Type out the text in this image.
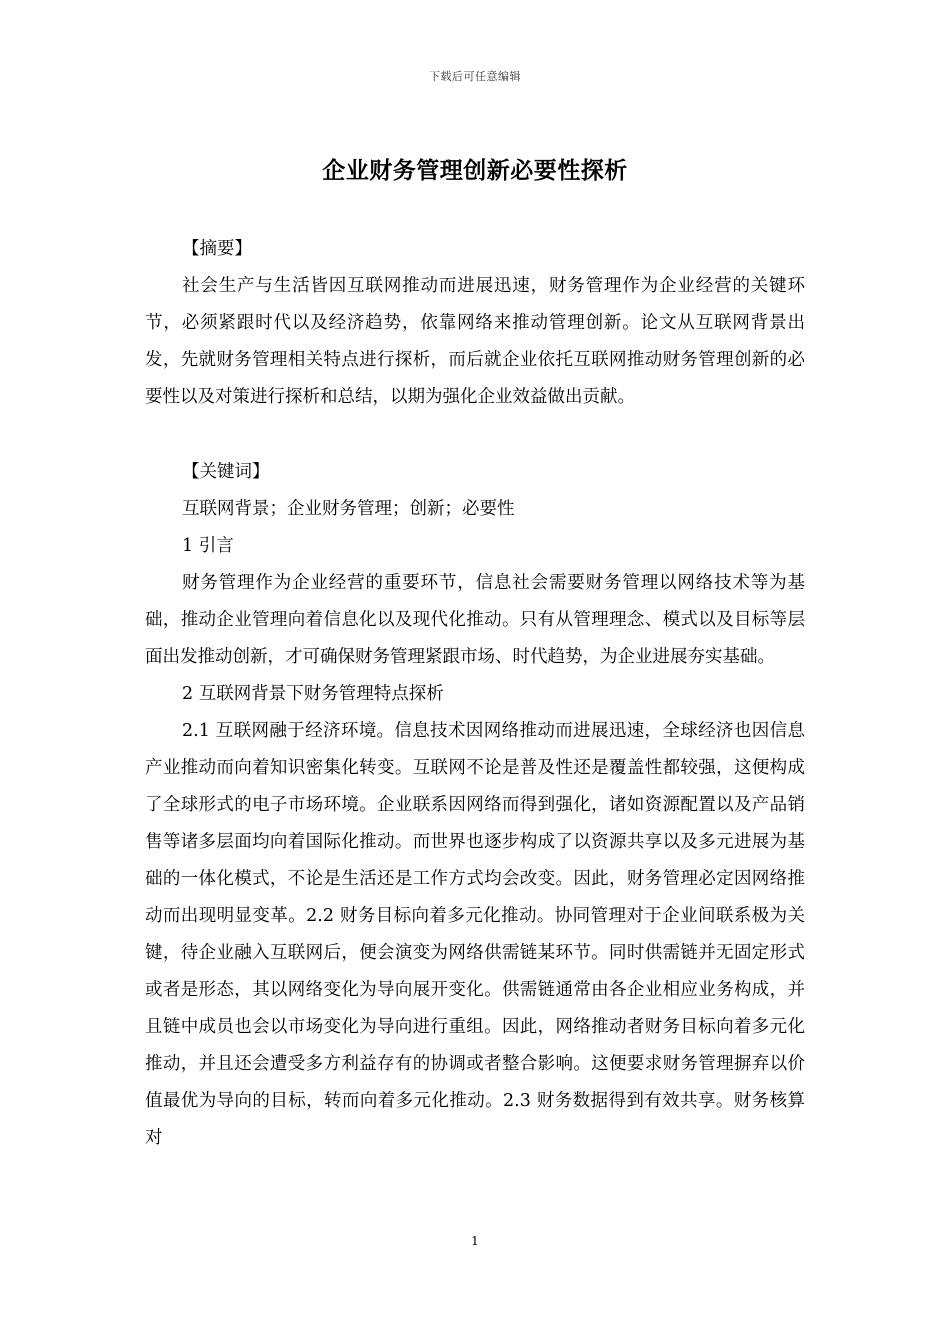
下载后可任意编辑
企业财务管理创新必要性探析

【摘要】

社会生产与生活皆因互联网推动而进展迅速，财务管理作为企业经营的关键环节，必须紧跟时代以及经济趋势，依靠网络来推动管理创新。论文从互联网背景出发，先就财务管理相关特点进行探析，而后就企业依托互联网推动财务管理创新的必要性以及对策进行探析和总结，以期为强化企业效益做出贡献。

【关键词】

互联网背景；企业财务管理；创新；必要性

1 引言

财务管理作为企业经营的重要环节，信息社会需要财务管理以网络技术等为基础，推动企业管理向着信息化以及现代化推动。只有从管理理念、模式以及目标等层面出发推动创新，才可确保财务管理紧跟市场、时代趋势，为企业进展夯实基础。

2 互联网背景下财务管理特点探析

2.1 互联网融于经济环境。信息技术因网络推动而进展迅速，全球经济也因信息产业推动而向着知识密集化转变。互联网不论是普及性还是覆盖性都较强，这便构成了全球形式的电子市场环境。企业联系因网络而得到强化，诸如资源配置以及产品销售等诸多层面均向着国际化推动。而世界也逐步构成了以资源共享以及多元进展为基础的一体化模式，不论是生活还是工作方式均会改变。因此，财务管理必定因网络推动而出现明显变革。2.2 财务目标向着多元化推动。协同管理对于企业间联系极为关键，待企业融入互联网后，便会演变为网络供需链某环节。同时供需链并无固定形式或者是形态，其以网络变化为导向展开变化。供需链通常由各企业相应业务构成，并且链中成员也会以市场变化为导向进行重组。因此，网络推动者财务目标向着多元化推动，并且还会遭受多方利益存有的协调或者整合影响。这便要求财务管理摒弃以价值最优为导向的目标，转而向着多元化推动。2.3 财务数据得到有效共享。财务核算对

1
